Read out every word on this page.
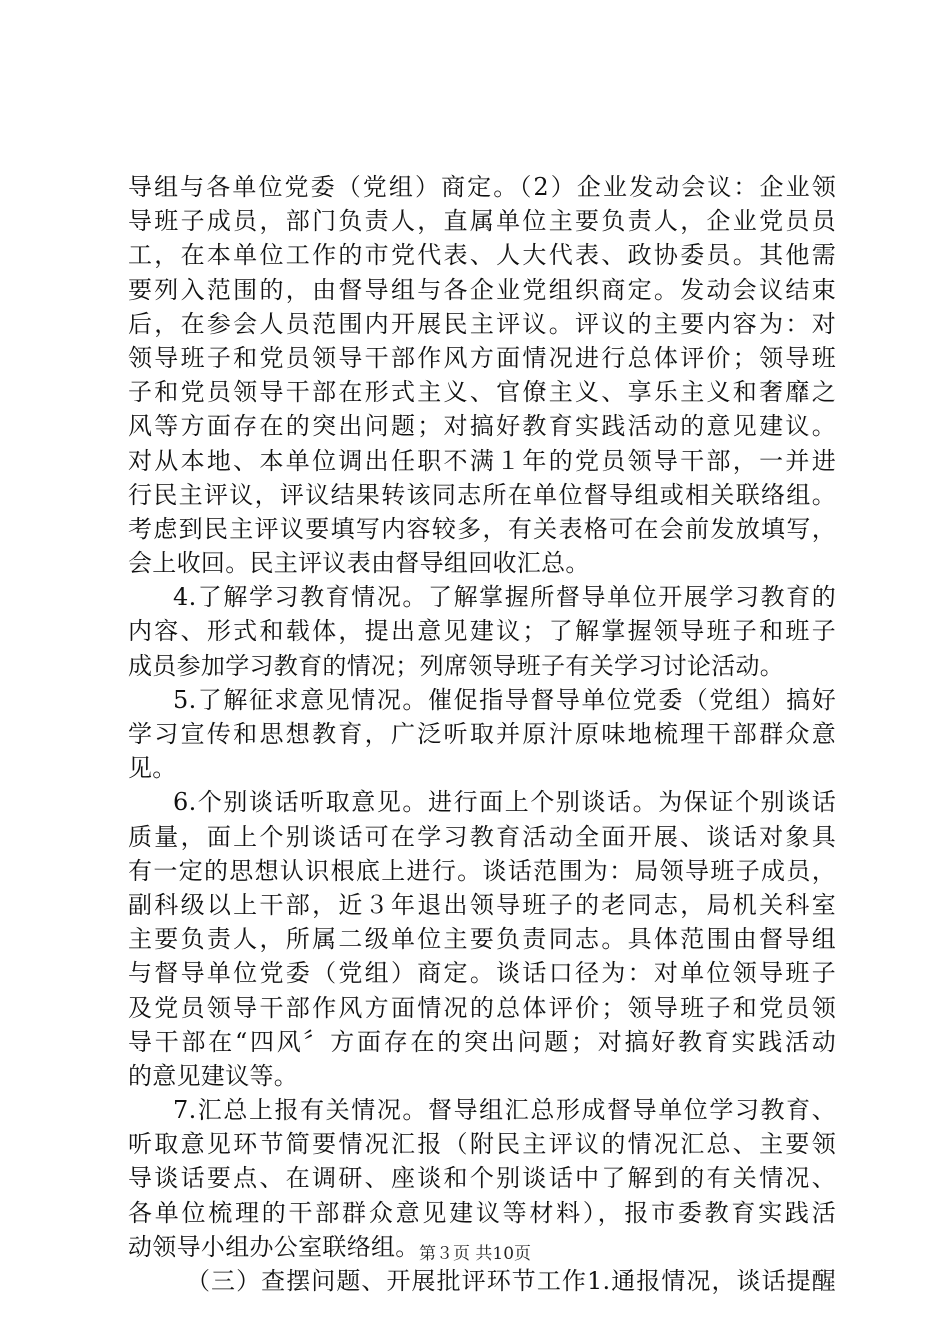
导组与各单位党委（党组）商定。（2）企业发动会议：企业领
导班子成员，部门负责人，直属单位主要负责人，企业党员员
工，在本单位工作的市党代表、人大代表、政协委员。其他需
要列入范围的，由督导组与各企业党组织商定。发动会议结束
后，在参会人员范围内开展民主评议。评议的主要内容为：对
领导班子和党员领导干部作风方面情况进行总体评价；领导班
子和党员领导干部在形式主义、官僚主义、享乐主义和奢靡之
风等方面存在的突出问题；对搞好教育实践活动的意见建议。
对从本地、本单位调出任职不满１年的党员领导干部，一并进
行民主评议，评议结果转该同志所在单位督导组或相关联络组。
考虑到民主评议要填写内容较多，有关表格可在会前发放填写，
会上收回。民主评议表由督导组回收汇总。
4.了解学习教育情况。了解掌握所督导单位开展学习教育的
内容、形式和载体，提出意见建议；了解掌握领导班子和班子
成员参加学习教育的情况；列席领导班子有关学习讨论活动。
5.了解征求意见情况。催促指导督导单位党委（党组）搞好
学习宣传和思想教育，广泛听取并原汁原味地梳理干部群众意
见。
6.个别谈话听取意见。进行面上个别谈话。为保证个别谈话
质量，面上个别谈话可在学习教育活动全面开展、谈话对象具
有一定的思想认识根底上进行。谈话范围为：局领导班子成员，
副科级以上干部，近３年退出领导班子的老同志，局机关科室
主要负责人，所属二级单位主要负责同志。具体范围由督导组
与督导单位党委（党组）商定。谈话口径为：对单位领导班子
及党员领导干部作风方面情况的总体评价；领导班子和党员领
导干部在“四风〞方面存在的突出问题；对搞好教育实践活动
的意见建议等。
7.汇总上报有关情况。督导组汇总形成督导单位学习教育、
听取意见环节简要情况汇报（附民主评议的情况汇总、主要领
导谈话要点、在调研、座谈和个别谈话中了解到的有关情况、
各单位梳理的干部群众意见建议等材料），报市委教育实践活
动领导小组办公室联络组。
（三）查摆问题、开展批评环节工作1.通报情况，谈话提醒
第３页 共10页
